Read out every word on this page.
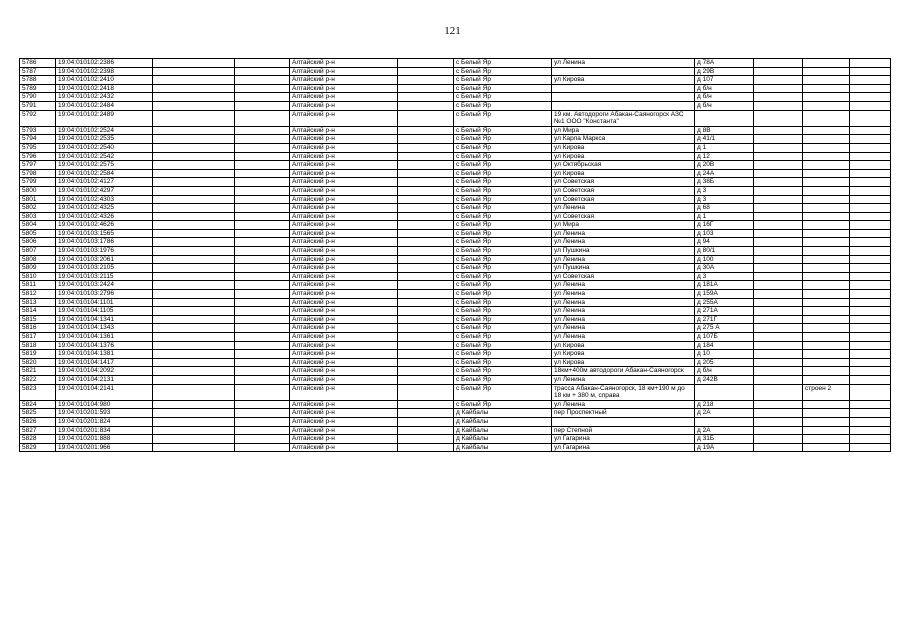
121
5786	19:04:010102:2386			Алтайский р-н		с Белый Яр	ул Ленина	д 78А			
5787	19:04:010102:2398			Алтайский р-н		с Белый Яр		д 29В			
5788	19:04:010102:2410			Алтайский р-н		с Белый Яр	ул Кирова	д 107			
5789	19:04:010102:2418			Алтайский р-н		с Белый Яр		д б/н			
5790	19:04:010102:2432			Алтайский р-н		с Белый Яр		д б/н			
5791	19:04:010102:2484			Алтайский р-н		с Белый Яр		д б/н			
5792	19:04:010102:2489			Алтайский р-н		с Белый Яр	19 км. Автодороги Абакан-Саяногорск АЗС №1 ООО "Константа"				
5793	19:04:010102:2524			Алтайский р-н		с Белый Яр	ул Мира	д 8В			
5794	19:04:010102:2535			Алтайский р-н		с Белый Яр	ул Карла Маркса	д 41/1			
5795	19:04:010102:2540			Алтайский р-н		с Белый Яр	ул Кирова	д 1			
5796	19:04:010102:2542			Алтайский р-н		с Белый Яр	ул Кирова	д 12			
5797	19:04:010102:2575			Алтайский р-н		с Белый Яр	ул Октябрьская	д 20В			
5798	19:04:010102:2584			Алтайский р-н		с Белый Яр	ул Кирова	д 24А			
5799	19:04:010102:4127			Алтайский р-н		с Белый Яр	ул Советская	д 38Б			
5800	19:04:010102:4297			Алтайский р-н		с Белый Яр	ул Советская	д 3			
5801	19:04:010102:4303			Алтайский р-н		с Белый Яр	ул Советская	д 3			
5802	19:04:010102:4325			Алтайский р-н		с Белый Яр	ул Ленина	д 68			
5803	19:04:010102:4326			Алтайский р-н		с Белый Яр	ул Советская	д 1			
5804	19:04:010102:4626			Алтайский р-н		с Белый Яр	ул Мира	д 16Г			
5805	19:04:010103:1565			Алтайский р-н		с Белый Яр	ул Ленина	д 103			
5806	19:04:010103:1786			Алтайский р-н		с Белый Яр	ул Ленина	д 94			
5807	19:04:010103:1976			Алтайский р-н		с Белый Яр	ул Пушкина	д 80/1			
5808	19:04:010103:2061			Алтайский р-н		с Белый Яр	ул Ленина	д 100			
5809	19:04:010103:2105			Алтайский р-н		с Белый Яр	ул Пушкина	д 30А			
5810	19:04:010103:2115			Алтайский р-н		с Белый Яр	ул Советская	д 3			
5811	19:04:010103:2424			Алтайский р-н		с Белый Яр	ул Ленина	д 181А			
5812	19:04:010103:2796			Алтайский р-н		с Белый Яр	ул Ленина	д 159А			
5813	19:04:010104:1101			Алтайский р-н		с Белый Яр	ул Ленина	д 255А			
5814	19:04:010104:1105			Алтайский р-н		с Белый Яр	ул Ленина	д 271А			
5815	19:04:010104:1341			Алтайский р-н		с Белый Яр	ул Ленина	д 271Г			
5816	19:04:010104:1343			Алтайский р-н		с Белый Яр	ул Ленина	д 275 А			
5817	19:04:010104:1361			Алтайский р-н		с Белый Яр	ул Ленина	д 107Б			
5818	19:04:010104:1376			Алтайский р-н		с Белый Яр	ул Кирова	д 184			
5819	19:04:010104:1381			Алтайский р-н		с Белый Яр	ул Кирова	д 10			
5820	19:04:010104:1417			Алтайский р-н		с Белый Яр	ул Кирова	д 205			
5821	19:04:010104:2092			Алтайский р-н		с Белый Яр	18км+400м автодороги Абакан-Саяногорск	д б/н			
5822	19:04:010104:2131			Алтайский р-н		с Белый Яр	ул Ленина	д 242В			
5823	19:04:010104:2141			Алтайский р-н		с Белый Яр	трасса Абакан-Саяногорск, 18 км+190 м до 18 км + 380 м, справа			строен 2	
5824	19:04:010104:980			Алтайский р-н		с Белый Яр	ул Ленина	д 218			
5825	19:04:010201:593			Алтайский р-н		д Кайбалы	пер Проспектный	д 2А			
5826	19:04:010201:824			Алтайский р-н		д Кайбалы					
5827	19:04:010201:834			Алтайский р-н		д Кайбалы	пер Степной	д 2А			
5828	19:04:010201:888			Алтайский р-н		д Кайбалы	ул Гагарина	д 31Б			
5829	19:04:010201:966			Алтайский р-н		д Кайбалы	ул Гагарина	д 19А			
